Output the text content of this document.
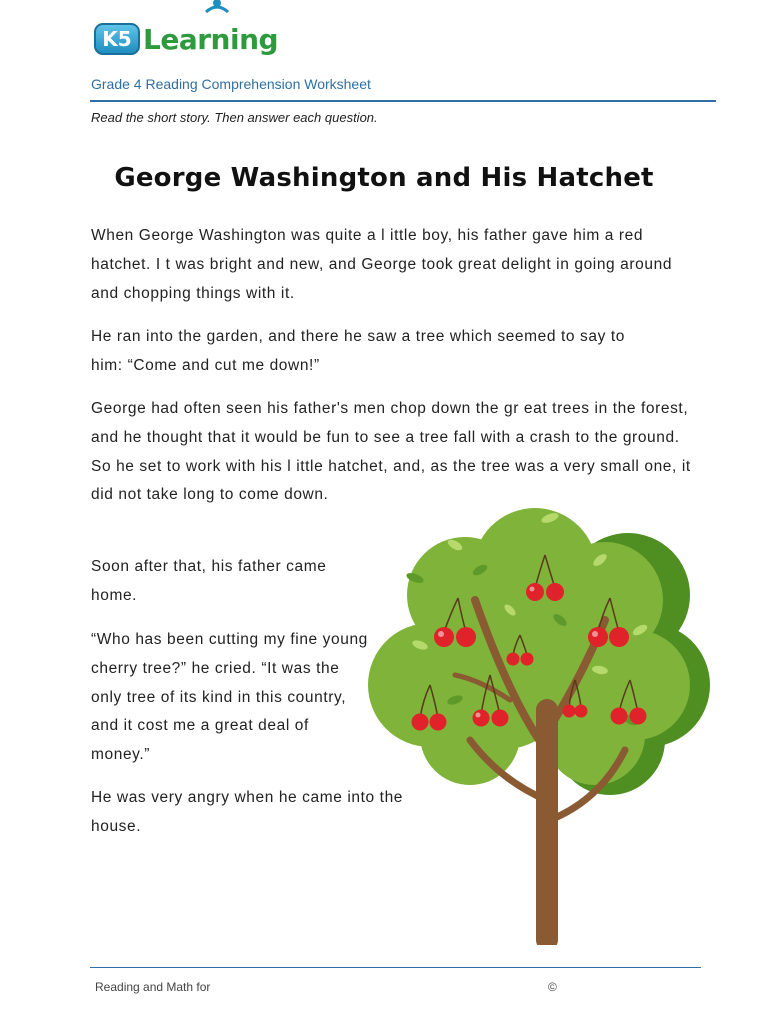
K5 Learning
Grade 4 Reading Comprehension Worksheet
Read the short story. Then answer each question.
George Washington and His Hatchet

When George Washington was quite a l ittle boy, his father gave him a red hatchet. I t was bright and new, and George took great delight in going around and chopping things with it.

He ran into the garden, and there he saw a tree which seemed to say to him: “Come and cut me down!”

George had often seen his father's men chop down the gr eat trees in the forest, and he thought that it would be fun to see a tree fall with a crash to the ground. So he set to work with his l ittle hatchet, and, as the tree was a very small one, it did not take long to come down.

Soon after that, his father came home.

“Who has been cutting my fine young cherry tree?” he cried. “It was the only tree of its kind in this country, and it cost me a great deal of money.”

He was very angry when he came into the house.

Reading and Math for	©
